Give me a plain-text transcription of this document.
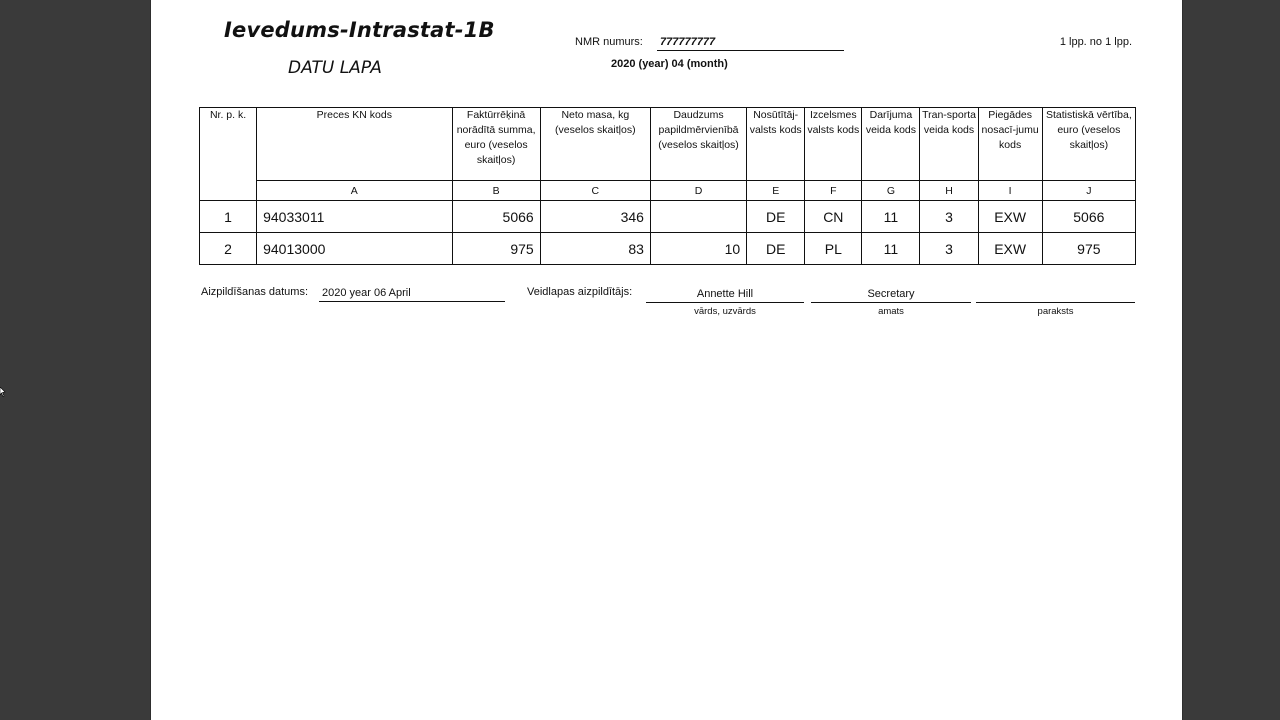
Ievedums-Intrastat-1B
DATU LAPA
NMR numurs: 777777777
2020 (year) 04 (month)
1 lpp. no 1 lpp.
Nr. p. k.	Preces KN kods	Faktūrrēķinā norādītā summa, euro (veselos skaitļos)	Neto masa, kg (veselos skaitļos)	Daudzums papildmērvienībā (veselos skaitļos)	Nosūtītāj-valsts kods	Izcelsmes valsts kods	Darījuma veida kods	Tran-sporta veida kods	Piegādes nosacī-jumu kods	Statistiskā vērtība, euro (veselos skaitļos)
	A	B	C	D	E	F	G	H	I	J
1	94033011	5066	346		DE	CN	11	3	EXW	5066
2	94013000	975	83	10	DE	PL	11	3	EXW	975
Aizpildīšanas datums: 2020 year 06 April	Veidlapas aizpildītājs:	Annette Hill	Secretary
vārds, uzvārds	amats	paraksts
